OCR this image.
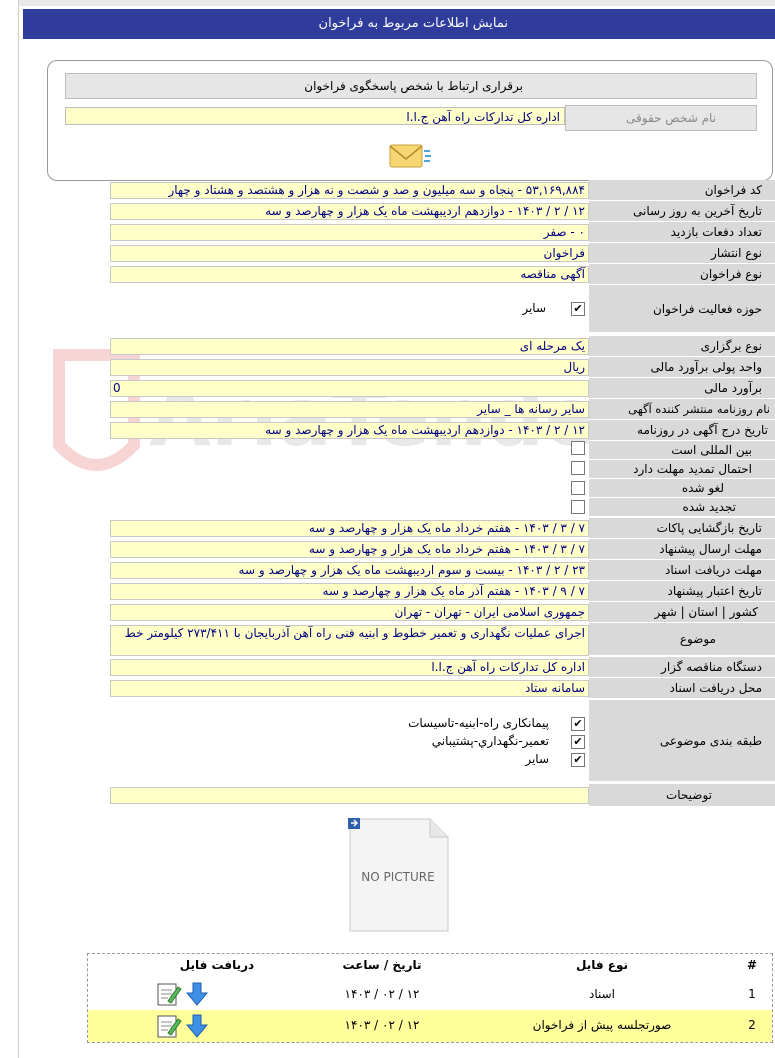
نمایش اطلاعات مربوط به فراخوان
برقراری ارتباط با شخص پاسخگوی فراخوان
نام شخص حقوقی
اداره کل تدارکات راه آهن ج.ا.ا
کد فراخوان
۵۳,۱۶۹,۸۸۴ - پنجاه و سه میلیون و صد و شصت و نه هزار و هشتصد و هشتاد و چهار
تاریخ آخرین به روز رسانی
۱۲ / ۲ / ۱۴۰۳ - دوازدهم اردیبهشت ماه یک هزار و چهارصد و سه
تعداد دفعات بازدید
۰ - صفر
نوع انتشار
فراخوان
نوع فراخوان
آگهی مناقصه
حوزه فعالیت فراخوان
✔
سایر
نوع برگزاری
یک مرحله ای
واحد پولی برآورد مالی
ریال
برآورد مالی
0
نام روزنامه منتشر کننده آگهی
سایر رسانه ها _ سایر
تاریخ درج آگهی در روزنامه
۱۲ / ۲ / ۱۴۰۳ - دوازدهم اردیبهشت ماه یک هزار و چهارصد و سه
بین المللی است
احتمال تمدید مهلت دارد
لغو شده
تجدید شده
تاریخ بازگشایی پاکات
۷ / ۳ / ۱۴۰۳ - هفتم خرداد ماه یک هزار و چهارصد و سه
مهلت ارسال پیشنهاد
۷ / ۳ / ۱۴۰۳ - هفتم خرداد ماه یک هزار و چهارصد و سه
مهلت دریافت اسناد
۲۳ / ۲ / ۱۴۰۳ - بیست و سوم اردیبهشت ماه یک هزار و چهارصد و سه
تاریخ اعتبار پیشنهاد
۷ / ۹ / ۱۴۰۳ - هفتم آذر ماه یک هزار و چهارصد و سه
کشور | استان | شهر
جمهوری اسلامی ایران - تهران - تهران
موضوع
اجرای عملیات نگهداری و تعمیر خطوط و ابنیه فنی راه آهن آذربایجان با ۲۷۳/۴۱۱ کیلومتر خط
دستگاه مناقصه گزار
اداره کل تدارکات راه آهن ج.ا.ا
محل دریافت اسناد
سامانه ستاد
طبقه بندی موضوعی
✔
پیمانکاری راه-ابنیه-تاسیسات
✔
تعمیر-نگهداري-پشتيباني
✔
سایر
توضیحات
NO PICTURE
#
نوع فایل
تاریخ / ساعت
دریافت فایل
1
اسناد
۱۲ / ۰۲ / ۱۴۰۳
2
صورتجلسه پیش از فراخوان
۱۲ / ۰۲ / ۱۴۰۳
